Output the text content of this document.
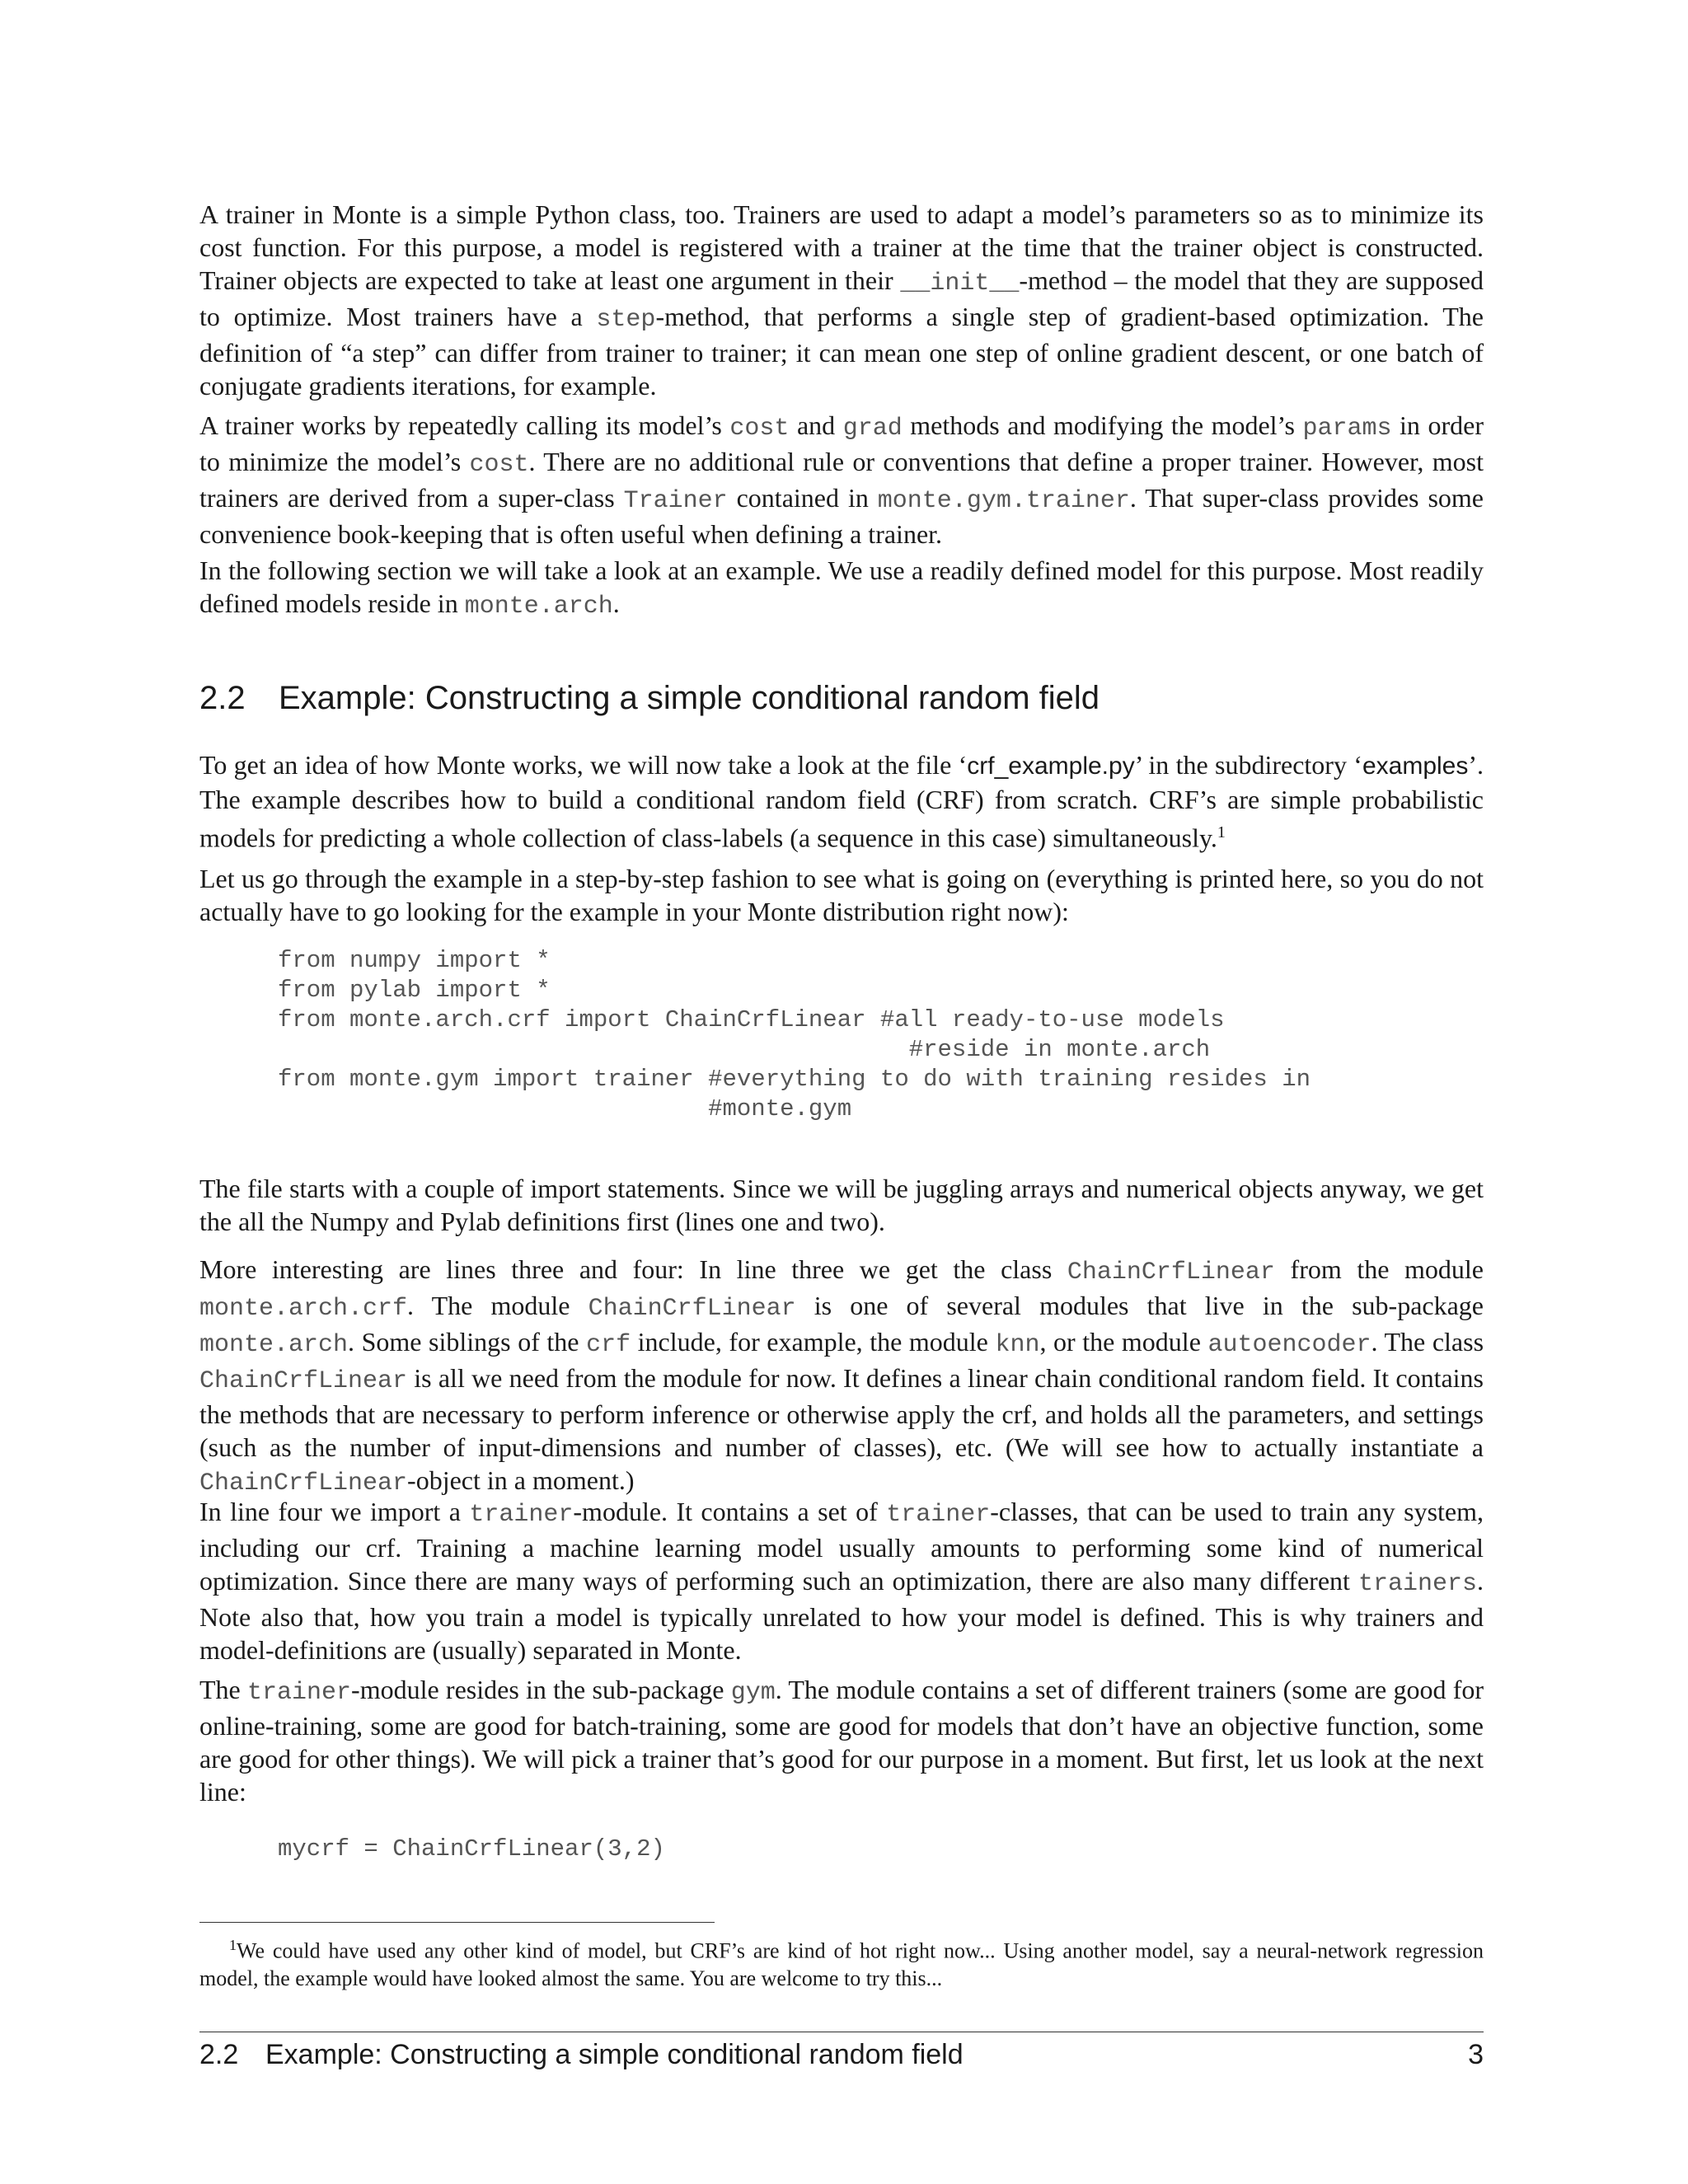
A trainer in Monte is a simple Python class, too. Trainers are used to adapt a model’s parameters so as to minimize its cost function. For this purpose, a model is registered with a trainer at the time that the trainer object is constructed. Trainer objects are expected to take at least one argument in their __init__-method – the model that they are supposed to optimize. Most trainers have a step-method, that performs a single step of gradient-based optimization. The definition of “a step” can differ from trainer to trainer; it can mean one step of online gradient descent, or one batch of conjugate gradients iterations, for example.

A trainer works by repeatedly calling its model’s cost and grad methods and modifying the model’s params in order to minimize the model’s cost. There are no additional rule or conventions that define a proper trainer. However, most trainers are derived from a super-class Trainer contained in monte.gym.trainer. That super-class provides some convenience book-keeping that is often useful when defining a trainer.

In the following section we will take a look at an example. We use a readily defined model for this purpose. Most readily defined models reside in monte.arch.

2.2 Example: Constructing a simple conditional random field

To get an idea of how Monte works, we will now take a look at the file ‘crf_example.py’ in the subdirectory ‘examples’. The example describes how to build a conditional random field (CRF) from scratch. CRF’s are simple probabilistic models for predicting a whole collection of class-labels (a sequence in this case) simultaneously.$^1$

Let us go through the example in a step-by-step fashion to see what is going on (everything is printed here, so you do not actually have to go looking for the example in your Monte distribution right now):

from numpy import *
from pylab import *
from monte.arch.crf import ChainCrfLinear #all ready-to-use models
#reside in monte.arch
from monte.gym import trainer #everything to do with training resides in
#monte.gym

The file starts with a couple of import statements. Since we will be juggling arrays and numerical objects anyway, we get the all the Numpy and Pylab definitions first (lines one and two).

More interesting are lines three and four: In line three we get the class ChainCrfLinear from the module monte.arch.crf. The module ChainCrfLinear is one of several modules that live in the sub-package monte.arch. Some siblings of the crf include, for example, the module knn, or the module autoencoder. The class ChainCrfLinear is all we need from the module for now. It defines a linear chain conditional random field. It contains the methods that are necessary to perform inference or otherwise apply the crf, and holds all the parameters, and settings (such as the number of input-dimensions and number of classes), etc. (We will see how to actually instantiate a ChainCrfLinear-object in a moment.)

In line four we import a trainer-module. It contains a set of trainer-classes, that can be used to train any system, including our crf. Training a machine learning model usually amounts to performing some kind of numerical optimization. Since there are many ways of performing such an optimization, there are also many different trainers. Note also that, how you train a model is typically unrelated to how your model is defined. This is why trainers and model-definitions are (usually) separated in Monte.

The trainer-module resides in the sub-package gym. The module contains a set of different trainers (some are good for online-training, some are good for batch-training, some are good for models that don’t have an objective function, some are good for other things). We will pick a trainer that’s good for our purpose in a moment. But first, let us look at the next line:

mycrf = ChainCrfLinear(3,2)
$^1$We could have used any other kind of model, but CRF’s are kind of hot right now... Using another model, say a neural-network regression model, the example would have looked almost the same. You are welcome to try this...
2.2 Example: Constructing a simple conditional random field	3
